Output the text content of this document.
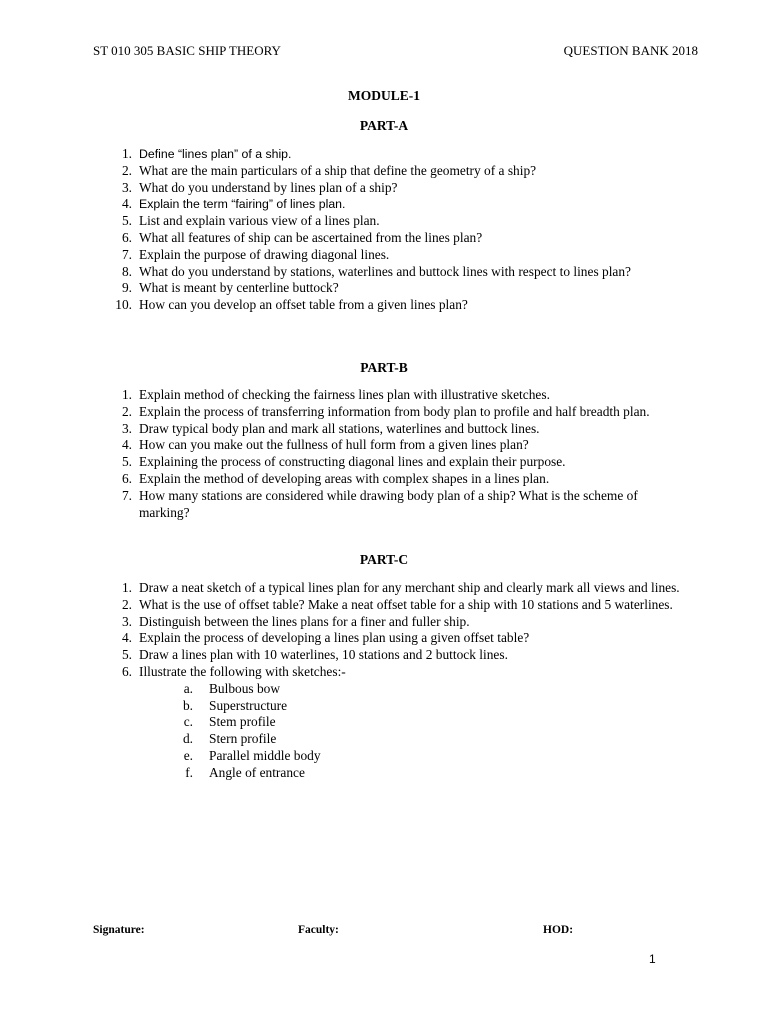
ST 010 305 BASIC SHIP THEORY	QUESTION BANK 2018
MODULE-1
PART-A
1. Define “lines plan” of a ship.
2. What are the main particulars of a ship that define the geometry of a ship?
3. What do you understand by lines plan of a ship?
4. Explain the term “fairing” of lines plan.
5. List and explain various view of a lines plan.
6. What all features of ship can be ascertained from the lines plan?
7. Explain the purpose of drawing diagonal lines.
8. What do you understand by stations, waterlines and buttock lines with respect to lines plan?
9. What is meant by centerline buttock?
10. How can you develop an offset table from a given lines plan?
PART-B
1. Explain method of checking the fairness lines plan with illustrative sketches.
2. Explain the process of transferring information from body plan to profile and half breadth plan.
3. Draw typical body plan and mark all stations, waterlines and buttock lines.
4. How can you make out the fullness of hull form from a given lines plan?
5. Explaining the process of constructing diagonal lines and explain their purpose.
6. Explain the method of developing areas with complex shapes in a lines plan.
7. How many stations are considered while drawing body plan of a ship? What is the scheme of marking?
PART-C
1. Draw a neat sketch of a typical lines plan for any merchant ship and clearly mark all views and lines.
2. What is the use of offset table? Make a neat offset table for a ship with 10 stations and 5 waterlines.
3. Distinguish between the lines plans for a finer and fuller ship.
4. Explain the process of developing a lines plan using a given offset table?
5. Draw a lines plan with 10 waterlines, 10 stations and 2 buttock lines.
6. Illustrate the following with sketches:-
a. Bulbous bow
b. Superstructure
c. Stem profile
d. Stern profile
e. Parallel middle body
f. Angle of entrance
Signature:	Faculty:	HOD:
1
